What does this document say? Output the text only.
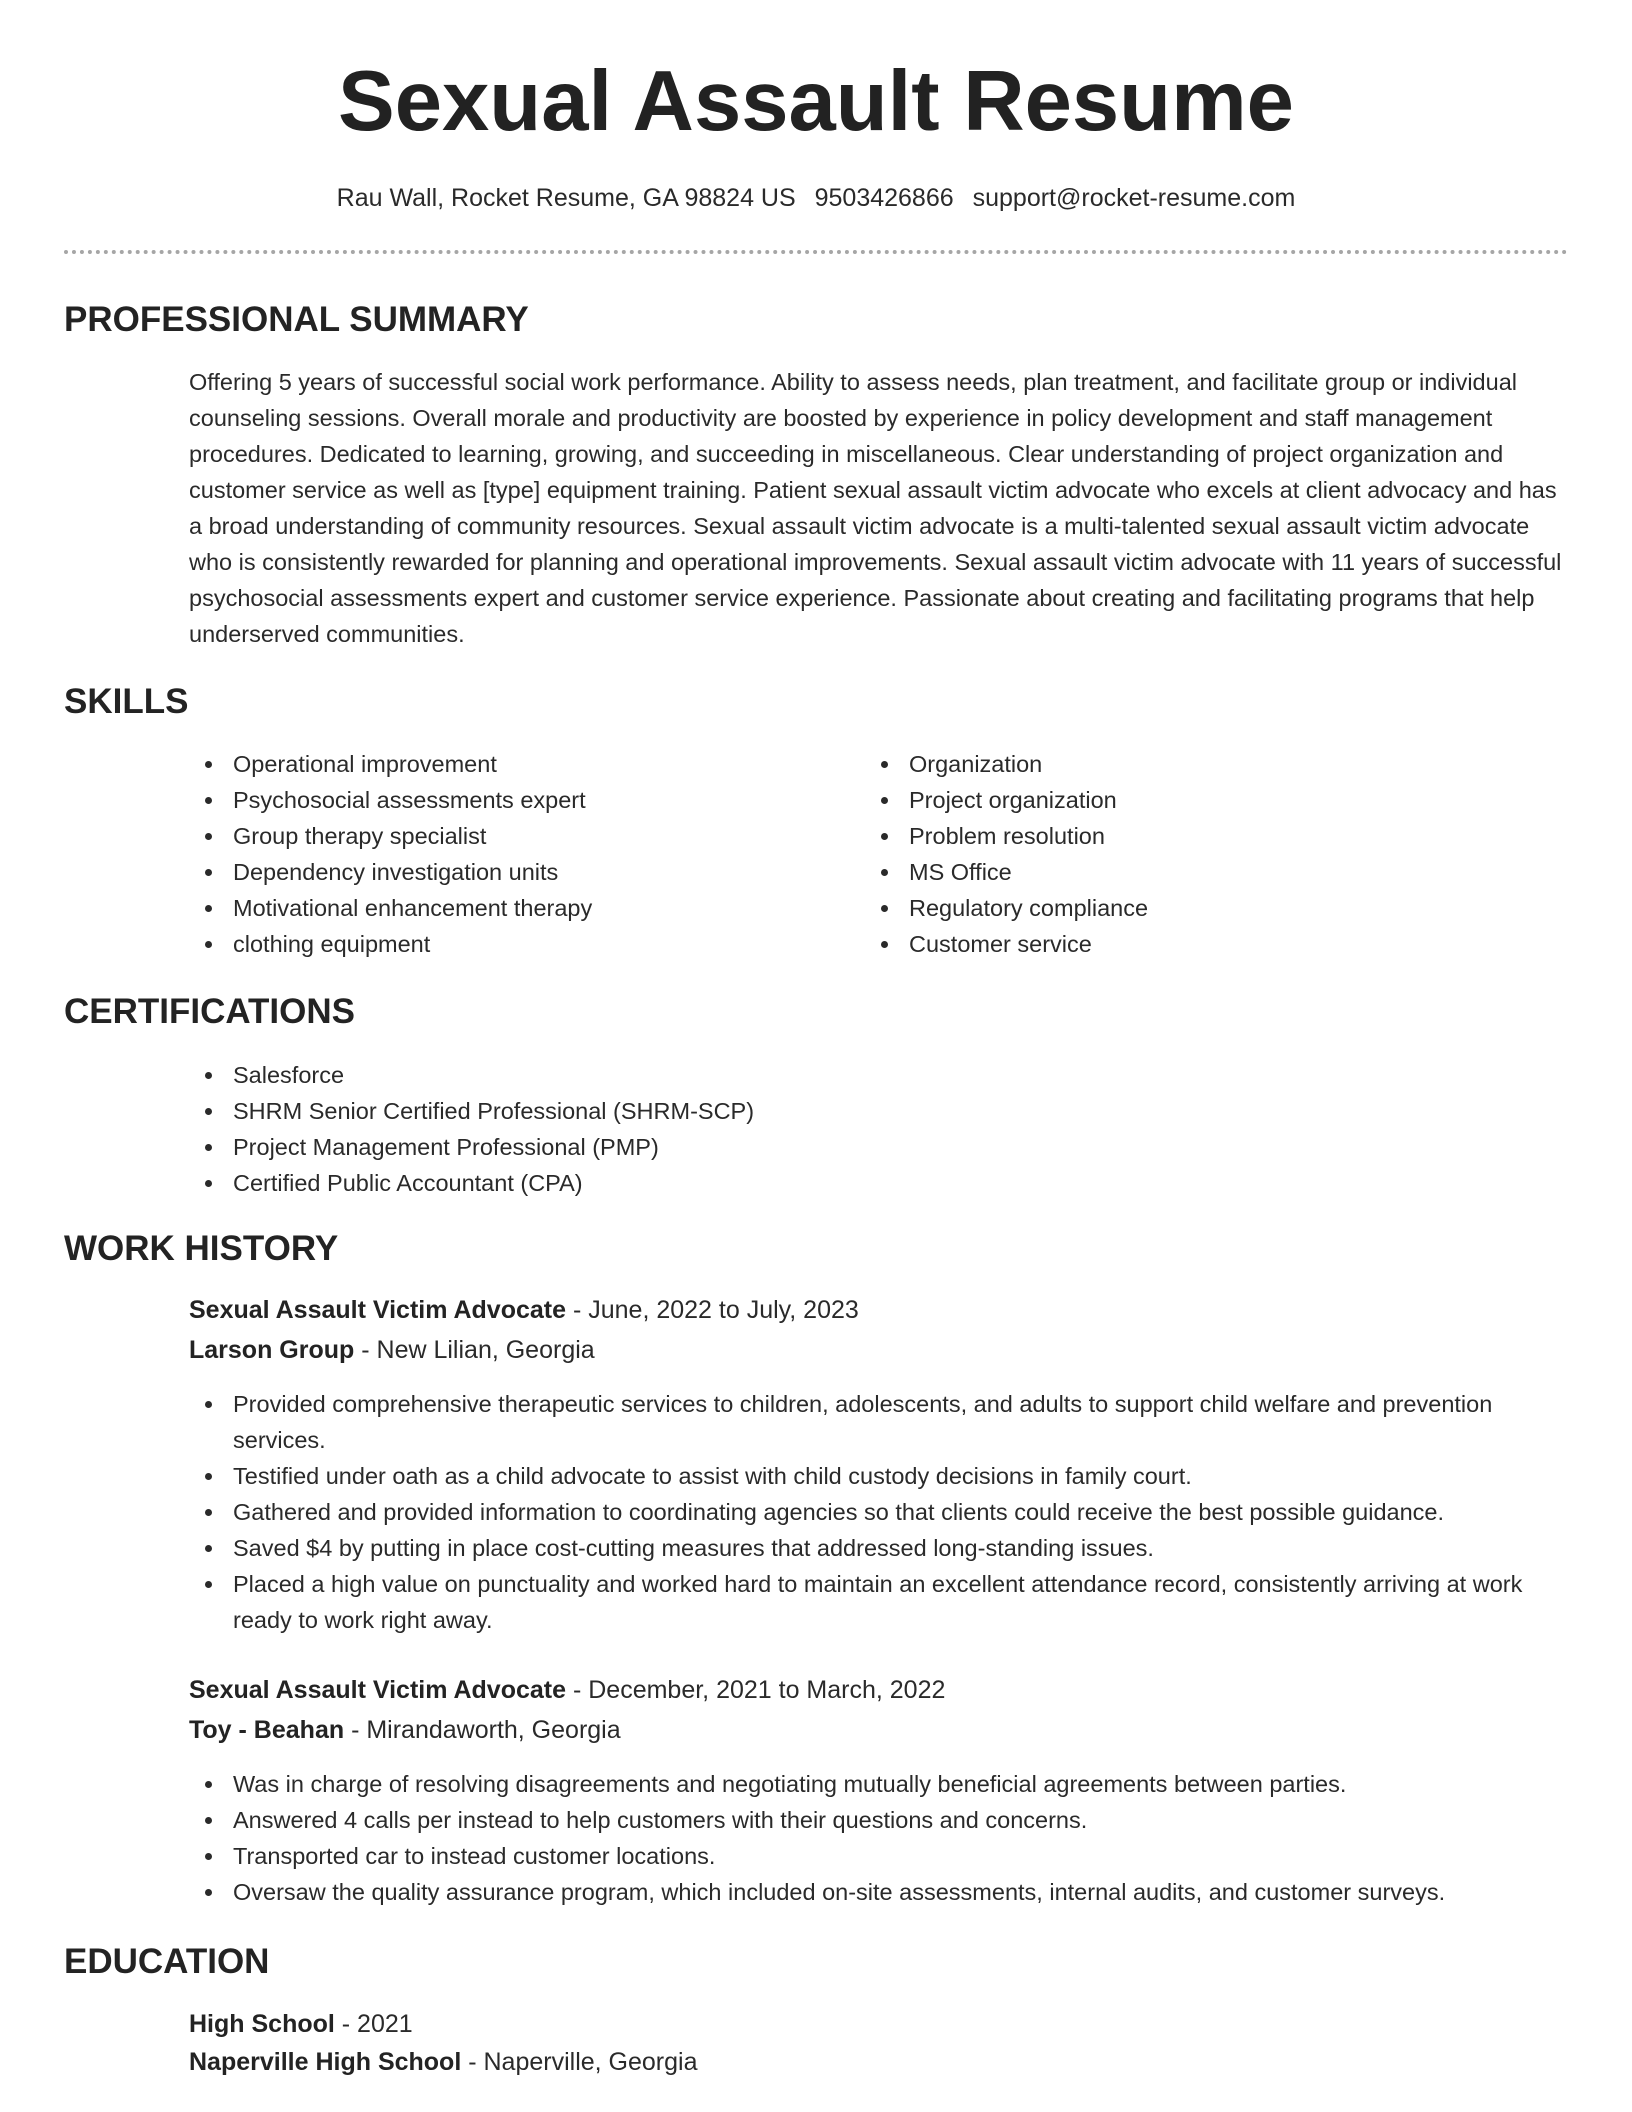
Sexual Assault Resume
Rau Wall, Rocket Resume, GA 98824 US 9503426866 support@rocket-resume.com
PROFESSIONAL SUMMARY

Offering 5 years of successful social work performance. Ability to assess needs, plan treatment, and facilitate group or individual counseling sessions. Overall morale and productivity are boosted by experience in policy development and staff management procedures. Dedicated to learning, growing, and succeeding in miscellaneous. Clear understanding of project organization and customer service as well as [type] equipment training. Patient sexual assault victim advocate who excels at client advocacy and has a broad understanding of community resources. Sexual assault victim advocate is a multi-talented sexual assault victim advocate who is consistently rewarded for planning and operational improvements. Sexual assault victim advocate with 11 years of successful psychosocial assessments expert and customer service experience. Passionate about creating and facilitating programs that help underserved communities.

SKILLS
Operational improvement
Psychosocial assessments expert
Group therapy specialist
Dependency investigation units
Motivational enhancement therapy
clothing equipment
Organization
Project organization
Problem resolution
MS Office
Regulatory compliance
Customer service
CERTIFICATIONS
Salesforce
SHRM Senior Certified Professional (SHRM-SCP)
Project Management Professional (PMP)
Certified Public Accountant (CPA)
WORK HISTORY

Sexual Assault Victim Advocate - June, 2022 to July, 2023

Larson Group - New Lilian, Georgia

Provided comprehensive therapeutic services to children, adolescents, and adults to support child welfare and prevention services.
Testified under oath as a child advocate to assist with child custody decisions in family court.
Gathered and provided information to coordinating agencies so that clients could receive the best possible guidance.
Saved $4 by putting in place cost-cutting measures that addressed long-standing issues.
Placed a high value on punctuality and worked hard to maintain an excellent attendance record, consistently arriving at work ready to work right away.

Sexual Assault Victim Advocate - December, 2021 to March, 2022

Toy - Beahan - Mirandaworth, Georgia

Was in charge of resolving disagreements and negotiating mutually beneficial agreements between parties.
Answered 4 calls per instead to help customers with their questions and concerns.
Transported car to instead customer locations.
Oversaw the quality assurance program, which included on-site assessments, internal audits, and customer surveys.
EDUCATION

High School - 2021

Naperville High School - Naperville, Georgia
